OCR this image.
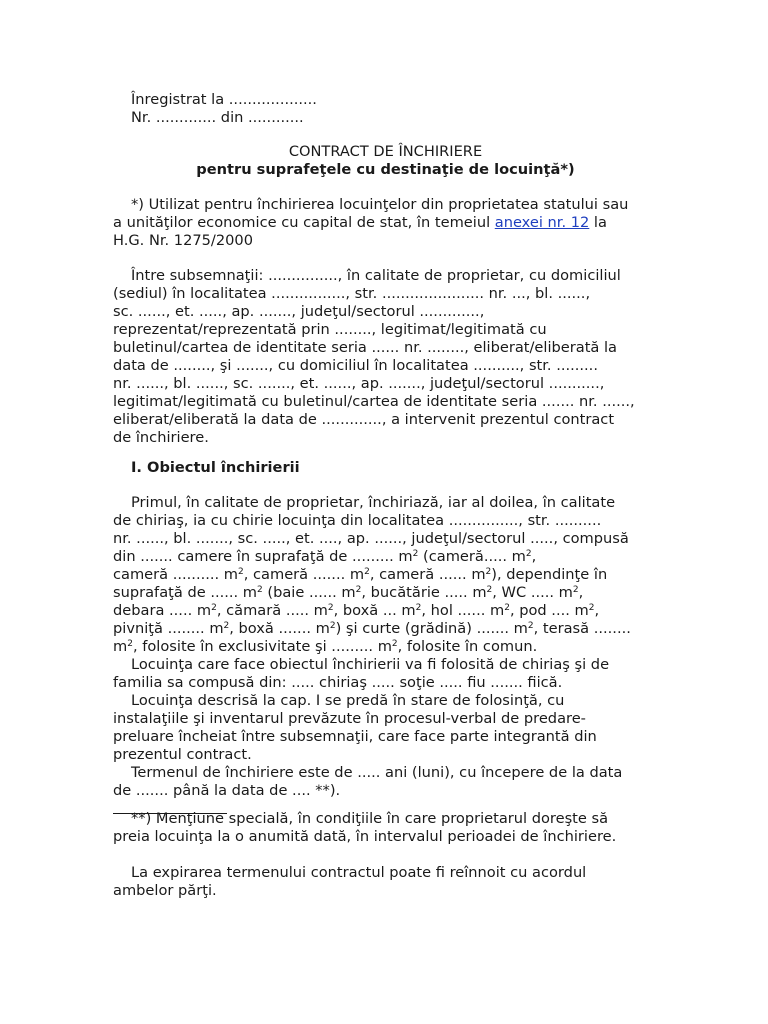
Înregistrat la ...................
Nr. ............. din ............
CONTRACT DE ÎNCHIRIERE
pentru suprafeţele cu destinaţie de locuinţă*)
*) Utilizat pentru închirierea locuinţelor din proprietatea statului sau
a unităţilor economice cu capital de stat, în temeiul anexei nr. 12 la
H.G. Nr. 1275/2000
Între subsemnaţii: ..............., în calitate de proprietar, cu domiciliul
(sediul) în localitatea ................, str. ...................... nr. ..., bl. ......,
sc. ......, et. ....., ap. ......., judeţul/sectorul .............,
reprezentat/reprezentată prin ........, legitimat/legitimată cu
buletinul/cartea de identitate seria ...... nr. ........, eliberat/eliberată la
data de ........, şi ......., cu domiciliul în localitatea .........., str. .........
nr. ......, bl. ......, sc. ......., et. ......, ap. ......., judeţul/sectorul ...........,
legitimat/legitimată cu buletinul/cartea de identitate seria ....... nr. ......,
eliberat/eliberată la data de ............., a intervenit prezentul contract
de închiriere.
I. Obiectul închirierii
Primul, în calitate de proprietar, închiriază, iar al doilea, în calitate
de chiriaş, ia cu chirie locuinţa din localitatea ..............., str. ..........
nr. ......, bl. ......., sc. ....., et. ...., ap. ......, judeţul/sectorul ....., compusă
din ....... camere în suprafaţă de ......... $m^2$ (cameră..... $m^2$,
cameră .......... $m^2$, cameră ....... $m^2$, cameră ...... $m^2$), dependinţe în
suprafaţă de ...... $m^2$ (baie ...... $m^2$, bucătărie ..... $m^2$, WC ..... $m^2$,
debara ..... $m^2$, cămară ..... $m^2$, boxă ... $m^2$, hol ...... $m^2$, pod .... $m^2$,
pivniţă ........ $m^2$, boxă ....... $m^2$) şi curte (grădină) ....... $m^2$, terasă ........
$m^2$, folosite în exclusivitate şi ......... $m^2$, folosite în comun.
Locuinţa care face obiectul închirierii va fi folosită de chiriaş şi de
familia sa compusă din: ..... chiriaş ..... soţie ..... fiu ....... fiică.
Locuinţa descrisă la cap. I se predă în stare de folosinţă, cu
instalaţiile şi inventarul prevăzute în procesul-verbal de predare-
preluare încheiat între subsemnaţii, care face parte integrantă din
prezentul contract.
Termenul de închiriere este de ..... ani (luni), cu începere de la data
de ....... până la data de .... **).
**) Menţiune specială, în condiţiile în care proprietarul doreşte să
preia locuinţa la o anumită dată, în intervalul perioadei de închiriere.
La expirarea termenului contractul poate fi reînnoit cu acordul
ambelor părţi.
